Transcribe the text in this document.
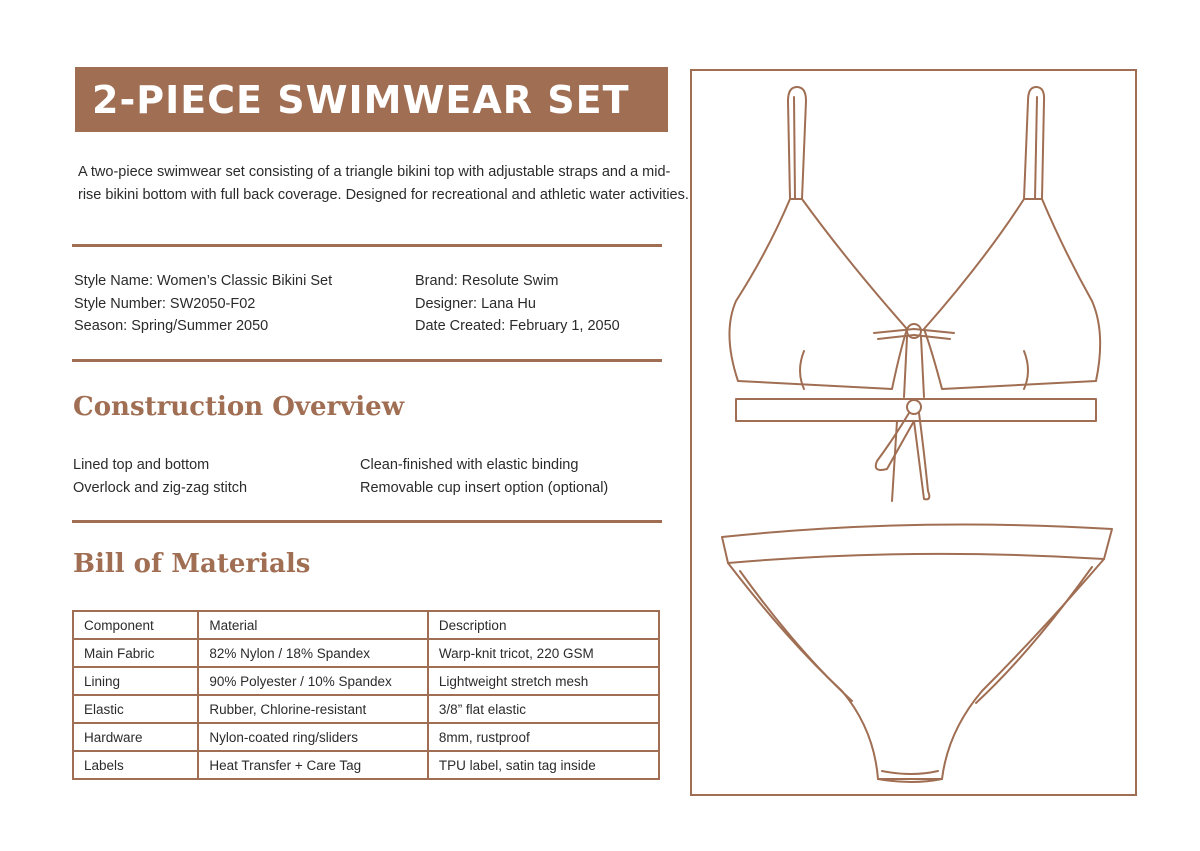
2-PIECE SWIMWEAR SET

A two-piece swimwear set consisting of a triangle bikini top with adjustable straps and a mid-rise bikini bottom with full back coverage. Designed for recreational and athletic water activities.

Style Name: Women’s Classic Bikini Set
Style Number: SW2050-F02
Season: Spring/Summer 2050
Brand: Resolute Swim
Designer: Lana Hu
Date Created: February 1, 2050
Construction Overview
Lined top and bottom
Overlock and zig-zag stitch
Clean-finished with elastic binding
Removable cup insert option (optional)
Bill of Materials
Component	Material	Description
Main Fabric	82% Nylon / 18% Spandex	Warp-knit tricot, 220 GSM
Lining	90% Polyester / 10% Spandex	Lightweight stretch mesh
Elastic	Rubber, Chlorine-resistant	3/8” flat elastic
Hardware	Nylon-coated ring/sliders	8mm, rustproof
Labels	Heat Transfer + Care Tag	TPU label, satin tag inside
